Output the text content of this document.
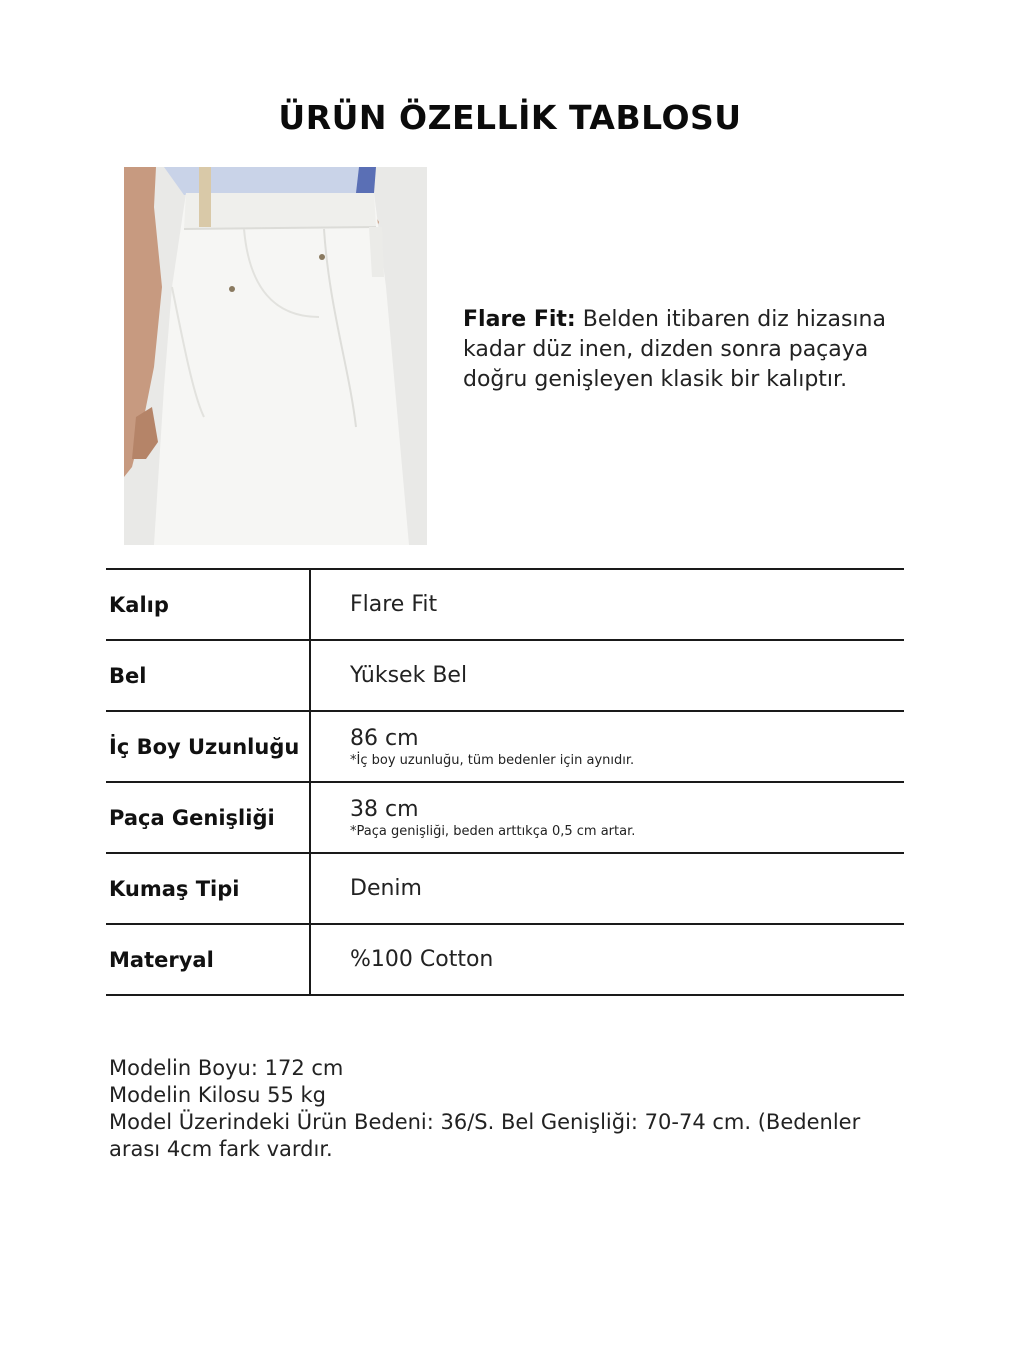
ÜRÜN ÖZELLİK TABLOSU
Flare Fit: Belden itibaren diz hizasına kadar düz inen, dizden sonra paçaya doğru genişleyen klasik bir kalıptır.
Kalıp	Flare Fit
Bel	Yüksek Bel
İç Boy Uzunluğu	86 cm
*İç boy uzunluğu, tüm bedenler için aynıdır.

Paça Genişliği	38 cm
*Paça genişliği, beden arttıkça 0,5 cm artar.

Kumaş Tipi	Denim
Materyal	%100 Cotton
Modelin Boyu: 172 cm
Modelin Kilosu 55 kg
Model Üzerindeki Ürün Bedeni: 36/S. Bel Genişliği: 70-74 cm. (Bedenler arası 4cm fark vardır.
